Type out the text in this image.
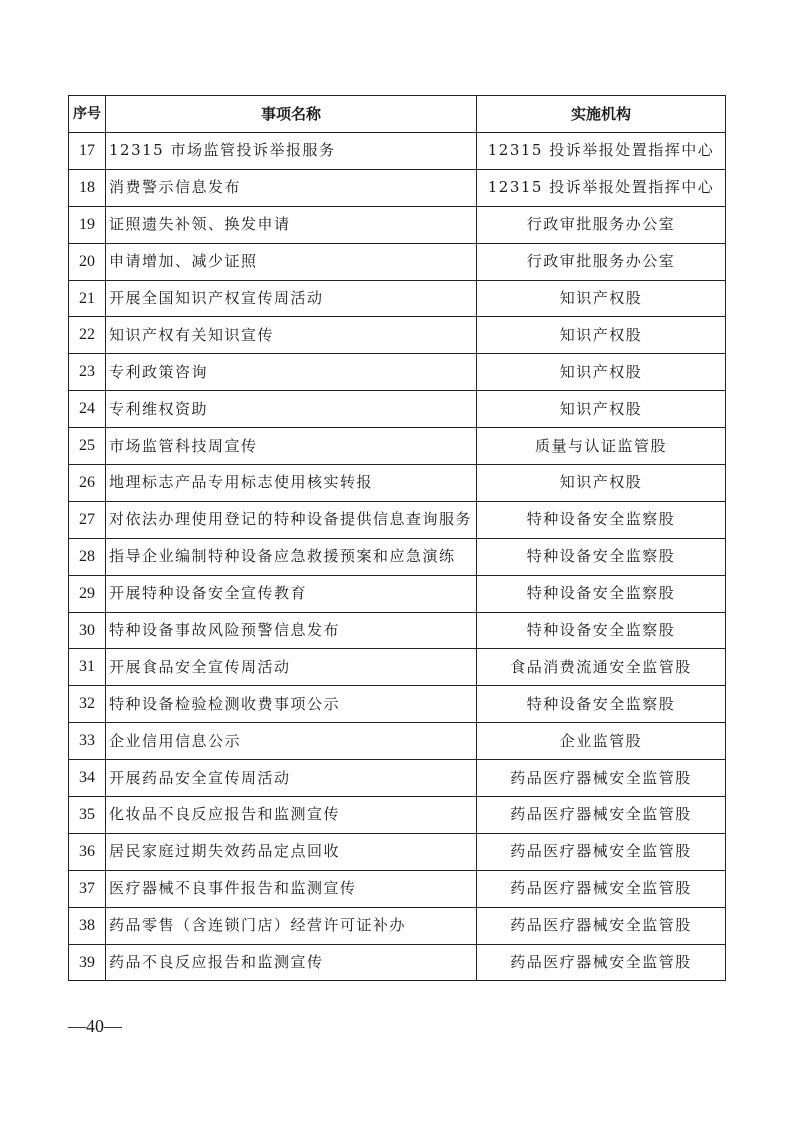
序号	事项名称	实施机构
17	12315 市场监管投诉举报服务	12315 投诉举报处置指挥中心
18	消费警示信息发布	12315 投诉举报处置指挥中心
19	证照遗失补领、换发申请	行政审批服务办公室
20	申请增加、减少证照	行政审批服务办公室
21	开展全国知识产权宣传周活动	知识产权股
22	知识产权有关知识宣传	知识产权股
23	专利政策咨询	知识产权股
24	专利维权资助	知识产权股
25	市场监管科技周宣传	质量与认证监管股
26	地理标志产品专用标志使用核实转报	知识产权股
27	对依法办理使用登记的特种设备提供信息查询服务	特种设备安全监察股
28	指导企业编制特种设备应急救援预案和应急演练	特种设备安全监察股
29	开展特种设备安全宣传教育	特种设备安全监察股
30	特种设备事故风险预警信息发布	特种设备安全监察股
31	开展食品安全宣传周活动	食品消费流通安全监管股
32	特种设备检验检测收费事项公示	特种设备安全监察股
33	企业信用信息公示	企业监管股
34	开展药品安全宣传周活动	药品医疗器械安全监管股
35	化妆品不良反应报告和监测宣传	药品医疗器械安全监管股
36	居民家庭过期失效药品定点回收	药品医疗器械安全监管股
37	医疗器械不良事件报告和监测宣传	药品医疗器械安全监管股
38	药品零售（含连锁门店）经营许可证补办	药品医疗器械安全监管股
39	药品不良反应报告和监测宣传	药品医疗器械安全监管股
—40—
